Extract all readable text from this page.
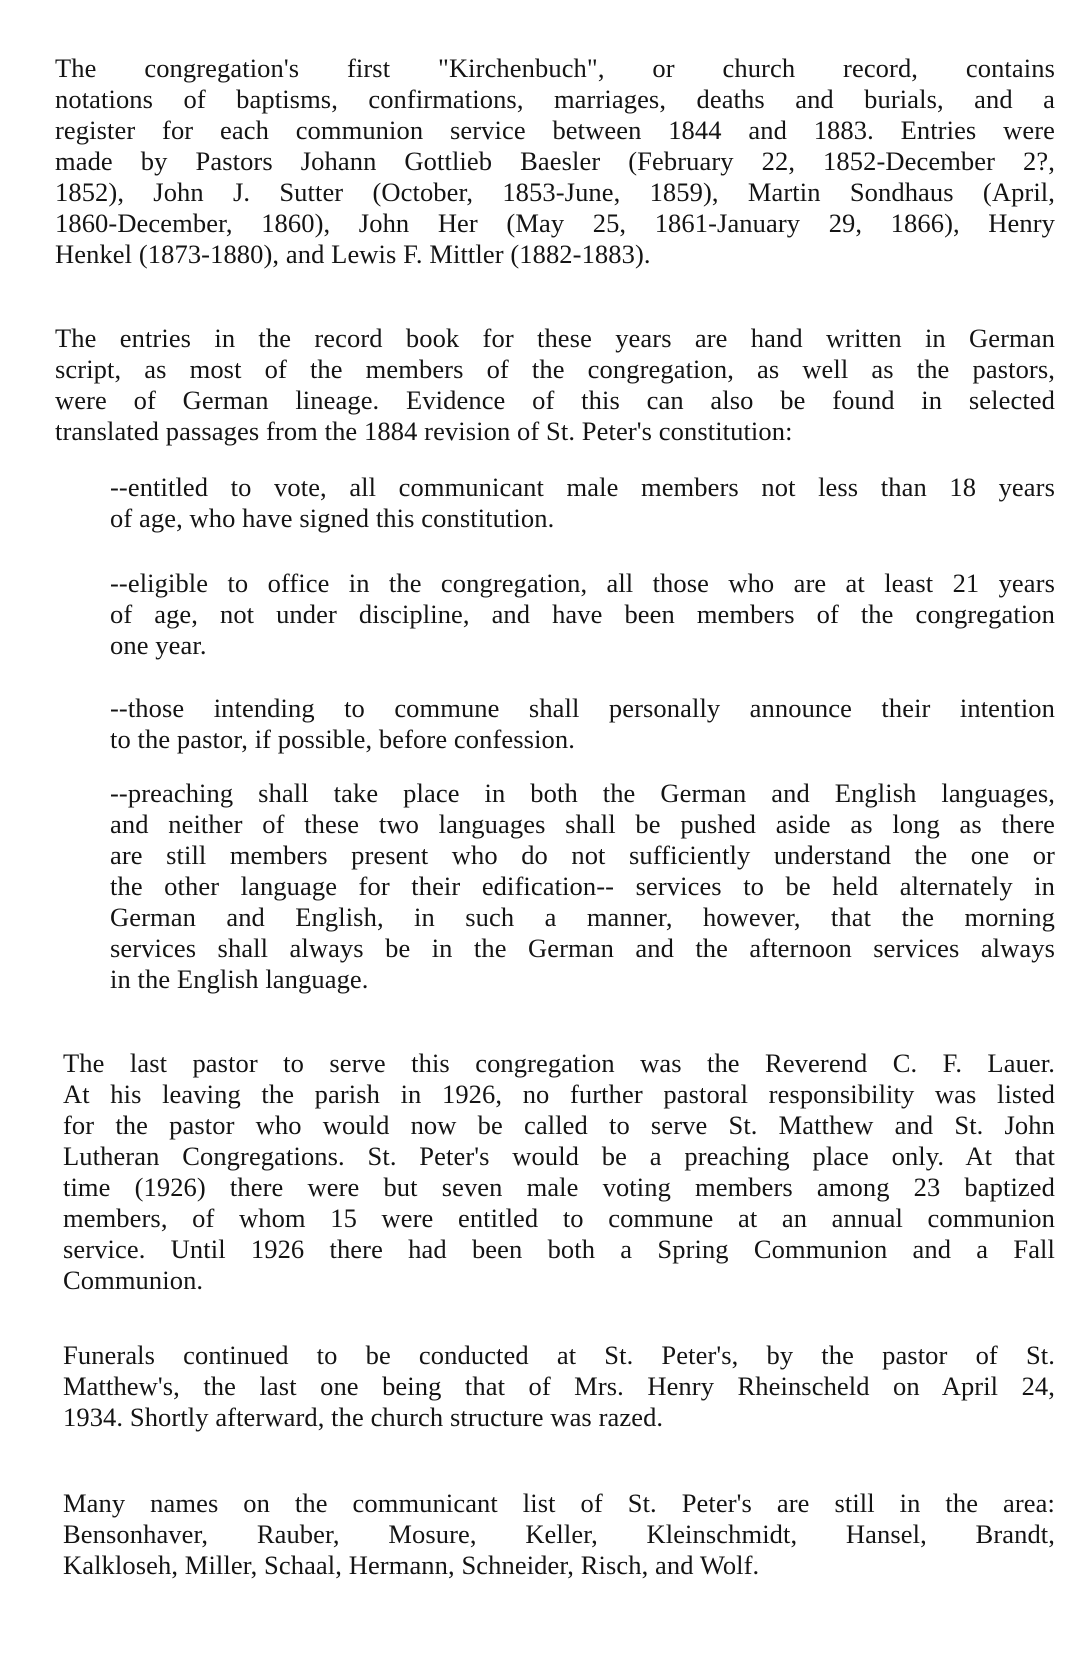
The congregation's first "Kirchenbuch", or church record, contains
notations of baptisms, confirmations, marriages, deaths and burials, and a
register for each communion service between 1844 and 1883. Entries were
made by Pastors Johann Gottlieb Baesler (February 22, 1852-December 2?,
1852), John J. Sutter (October, 1853-June, 1859), Martin Sondhaus (April,
1860-December, 1860), John Her (May 25, 1861-January 29, 1866), Henry
Henkel (1873-1880), and Lewis F. Mittler (1882-1883).

The entries in the record book for these years are hand written in German
script, as most of the members of the congregation, as well as the pastors,
were of German lineage. Evidence of this can also be found in selected
translated passages from the 1884 revision of St. Peter's constitution:

--entitled to vote, all communicant male members not less than 18 years
of age, who have signed this constitution.

--eligible to office in the congregation, all those who are at least 21 years
of age, not under discipline, and have been members of the congregation
one year.

--those intending to commune shall personally announce their intention
to the pastor, if possible, before confession.

--preaching shall take place in both the German and English languages,
and neither of these two languages shall be pushed aside as long as there
are still members present who do not sufficiently understand the one or
the other language for their edification-- services to be held alternately in
German and English, in such a manner, however, that the morning
services shall always be in the German and the afternoon services always
in the English language.

The last pastor to serve this congregation was the Reverend C. F. Lauer.
At his leaving the parish in 1926, no further pastoral responsibility was listed
for the pastor who would now be called to serve St. Matthew and St. John
Lutheran Congregations. St. Peter's would be a preaching place only. At that
time (1926) there were but seven male voting members among 23 baptized
members, of whom 15 were entitled to commune at an annual communion
service. Until 1926 there had been both a Spring Communion and a Fall
Communion.

Funerals continued to be conducted at St. Peter's, by the pastor of St.
Matthew's, the last one being that of Mrs. Henry Rheinscheld on April 24,
1934. Shortly afterward, the church structure was razed.

Many names on the communicant list of St. Peter's are still in the area:
Bensonhaver, Rauber, Mosure, Keller, Kleinschmidt, Hansel, Brandt,
Kalkloseh, Miller, Schaal, Hermann, Schneider, Risch, and Wolf.
